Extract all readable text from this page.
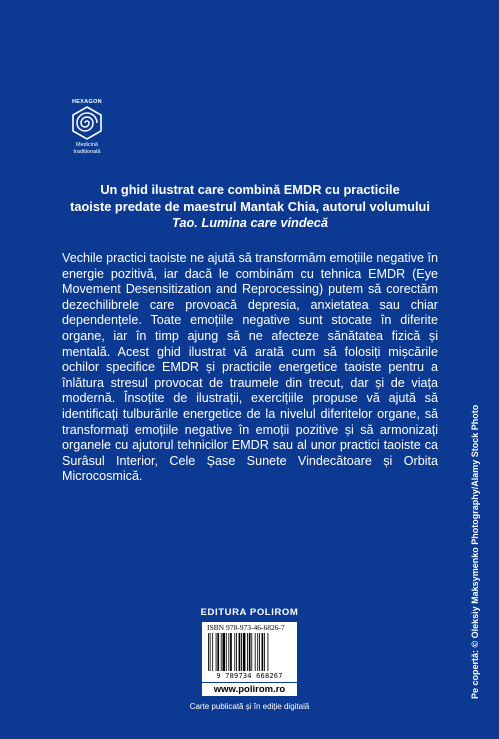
HEXAGON
Medicină
tradițională
Un ghid ilustrat care combină EMDR cu practicile
taoiste predate de maestrul Mantak Chia, autorul volumului
Tao. Lumina care vindecă

Vechile practici taoiste ne ajută să transformăm emoțiile negative în energie pozitivă, iar dacă le combinăm cu tehnica EMDR (Eye Movement Desensitization and Reprocessing) putem să corectăm dezechilibrele care provoacă depresia, anxietatea sau chiar dependențele. Toate emoțiile negative sunt stocate în diferite organe, iar în timp ajung să ne afecteze sănătatea fizică și mentală. Acest ghid ilustrat vă arată cum să folosiți mișcările ochilor specifice EMDR și practicile energetice taoiste pentru a înlătura stresul provocat de traumele din trecut, dar și de viața modernă. Însoțite de ilustrații, exercițiile propuse vă ajută să identificați tulburările energetice de la nivelul diferitelor organe, să transformați emoțiile negative în emoții pozitive și să armonizați organele cu ajutorul tehnicilor EMDR sau al unor practici taoiste ca Surâsul Interior, Cele Șase Sunete Vindecătoare și Orbita Microcosmică.	Pe copertă: © Oleksiy Maksymenko Photography/Alamy Stock Photo
EDITURA POLIROM
ISBN 978-973-46-6826-7
9 789734 668267
www.polirom.ro
Carte publicată și în ediție digitală
